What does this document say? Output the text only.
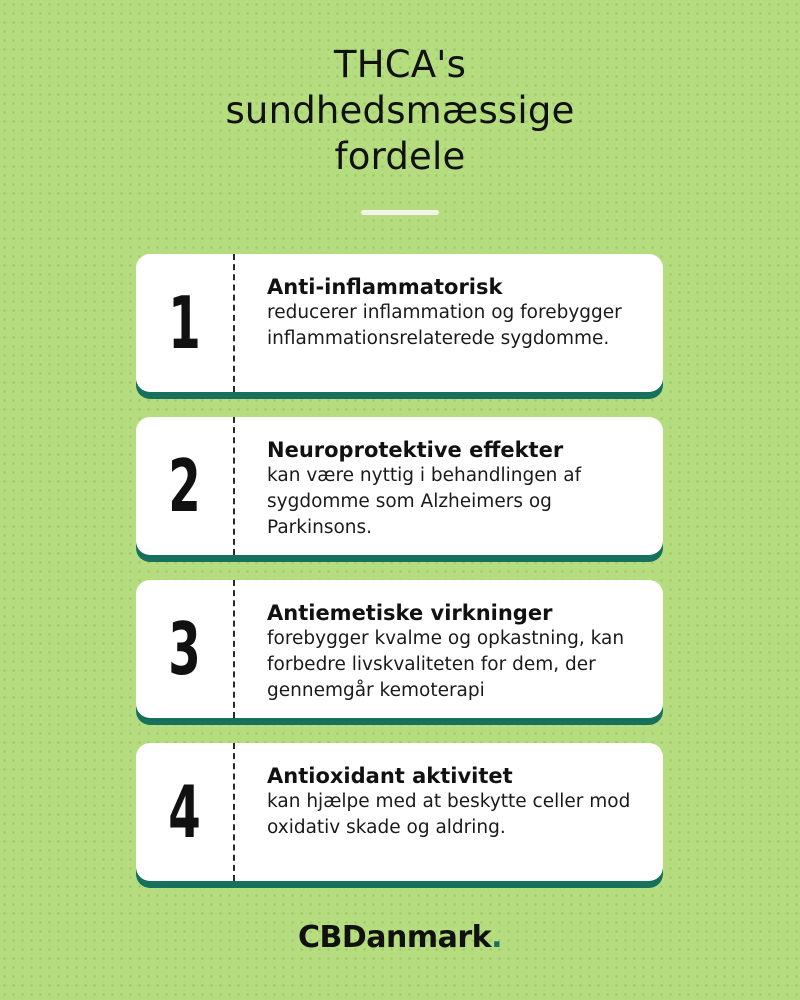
THCA's
sundhedsmæssige
fordele
1	Anti-inflammatorisk
reducerer inflammation og forebygger inflammationsrelaterede sygdomme.
2	Neuroprotektive effekter
kan være nyttig i behandlingen af sygdomme som Alzheimers og Parkinsons.
3	Antiemetiske virkninger
forebygger kvalme og opkastning, kan forbedre livskvaliteten for dem, der gennemgår kemoterapi
4	Antioxidant aktivitet
kan hjælpe med at beskytte celler mod oxidativ skade og aldring.
CBDanmark.
